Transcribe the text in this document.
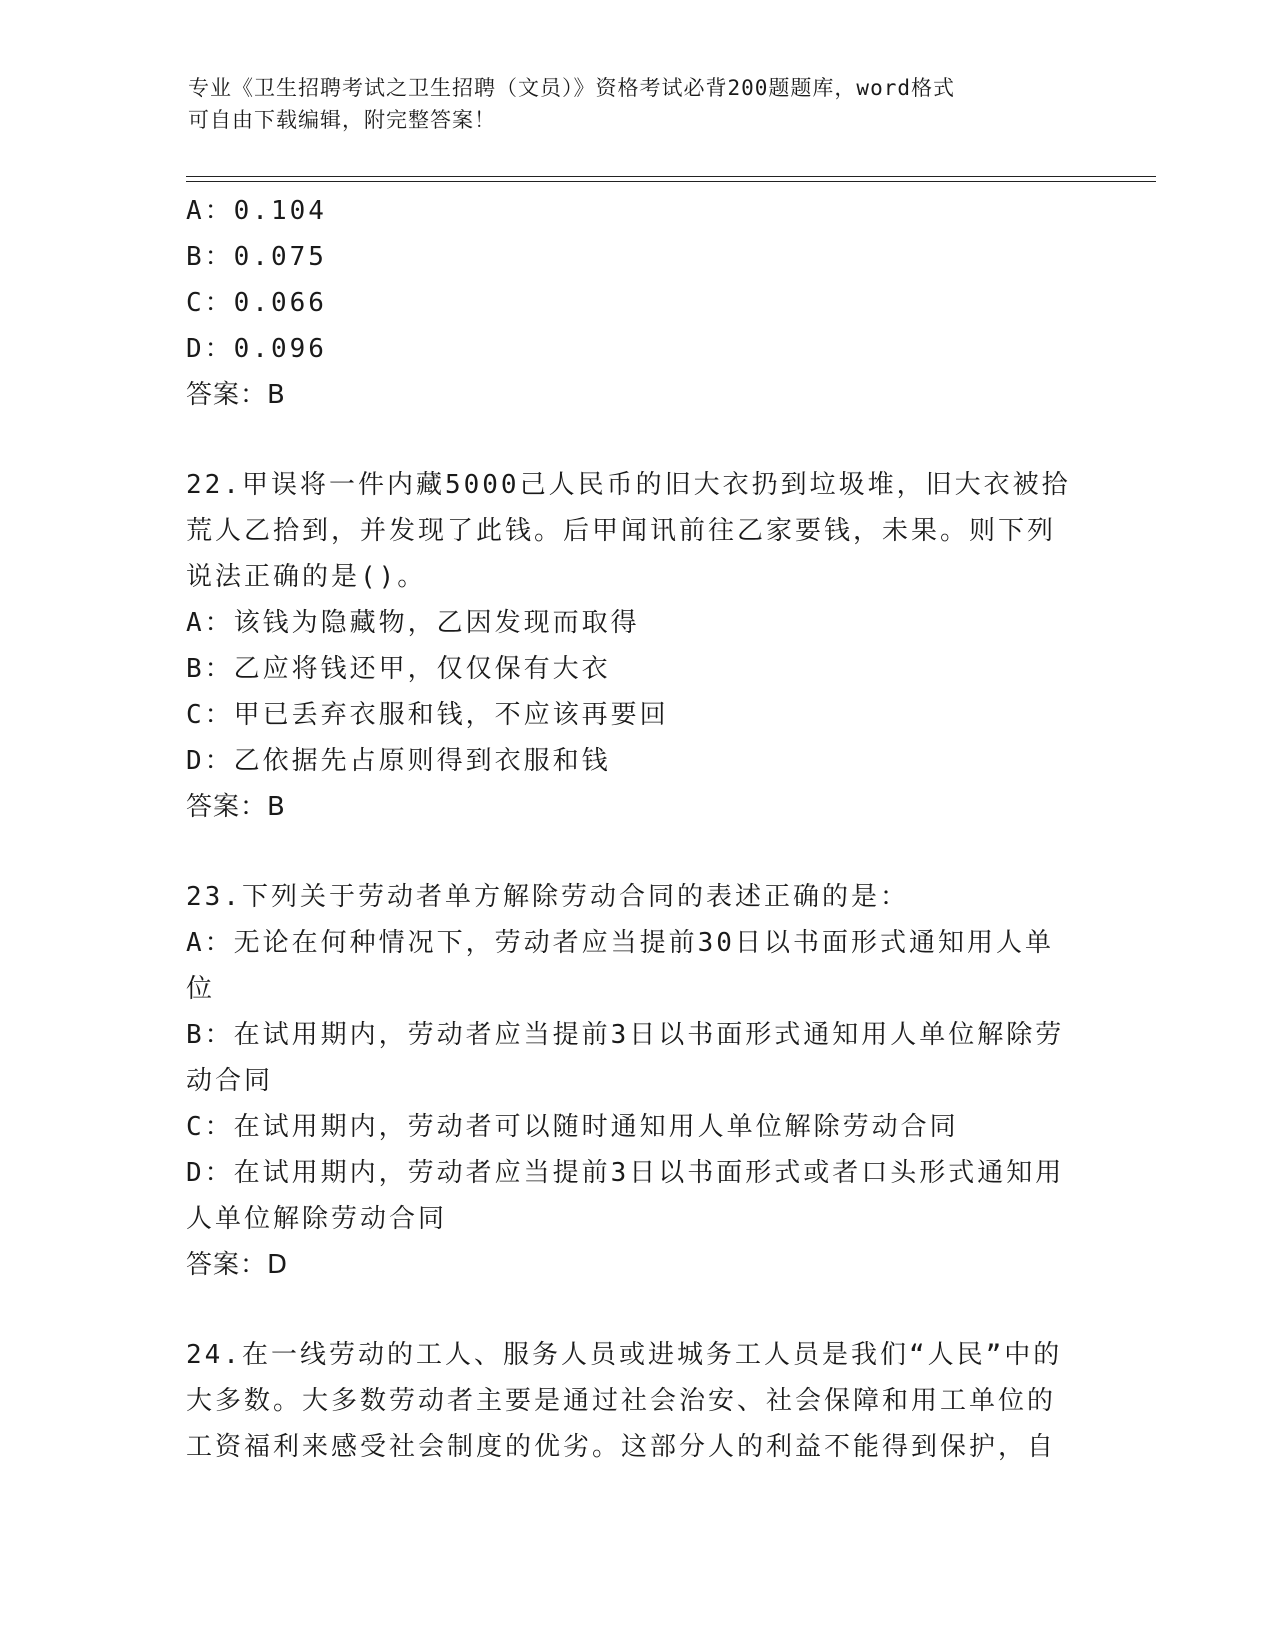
专业《卫生招聘考试之卫生招聘（文员）》资格考试必背200题题库，word格式
可自由下载编辑，附完整答案！
A：0.104
B：0.075
C：0.066
D：0.096
答案：B
22.甲误将一件内藏5000己人民币的旧大衣扔到垃圾堆，旧大衣被拾
荒人乙拾到，并发现了此钱。后甲闻讯前往乙家要钱，未果。则下列
说法正确的是()。
A：该钱为隐藏物，乙因发现而取得
B：乙应将钱还甲，仅仅保有大衣
C：甲已丢弃衣服和钱，不应该再要回
D：乙依据先占原则得到衣服和钱
答案：B
23.下列关于劳动者单方解除劳动合同的表述正确的是：
A：无论在何种情况下，劳动者应当提前30日以书面形式通知用人单
位
B：在试用期内，劳动者应当提前3日以书面形式通知用人单位解除劳
动合同
C：在试用期内，劳动者可以随时通知用人单位解除劳动合同
D：在试用期内，劳动者应当提前3日以书面形式或者口头形式通知用
人单位解除劳动合同
答案：D
24.在一线劳动的工人、服务人员或进城务工人员是我们“人民”中的
大多数。大多数劳动者主要是通过社会治安、社会保障和用工单位的
工资福利来感受社会制度的优劣。这部分人的利益不能得到保护，自
